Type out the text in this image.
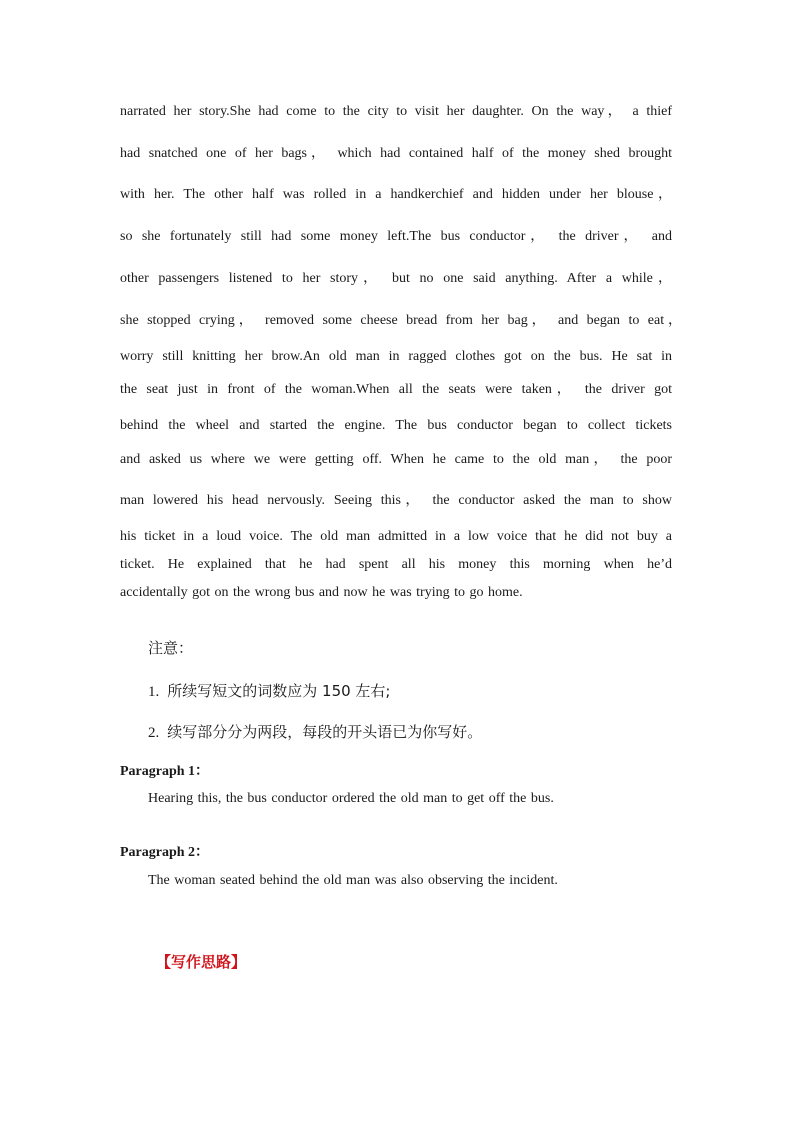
narrated her story.She had come to the city to visit her daughter. On the way， a thief
had snatched one of her bags， which had contained half of the money shed brought
with her. The other half was rolled in a handkerchief and hidden under her blouse，
so she fortunately still had some money left.The bus conductor， the driver， and
other passengers listened to her story， but no one said anything. After a while，
she stopped crying， removed some cheese bread from her bag， and began to eat，
worry still knitting her brow.An old man in ragged clothes got on the bus. He sat in
the seat just in front of the woman.When all the seats were taken， the driver got
behind the wheel and started the engine. The bus conductor began to collect tickets
and asked us where we were getting off. When he came to the old man， the poor
man lowered his head nervously. Seeing this， the conductor asked the man to show
his ticket in a loud voice. The old man admitted in a low voice that he did not buy a
ticket. He explained that he had spent all his money this morning when he’d
accidentally got on the wrong bus and now he was trying to go home.
注意：
1. 所续写短文的词数应为 150 左右;
2. 续写部分分为两段，每段的开头语已为你写好。
Paragraph 1：
Hearing this, the bus conductor ordered the old man to get off the bus.
Paragraph 2：
The woman seated behind the old man was also observing the incident.
【写作思路】
